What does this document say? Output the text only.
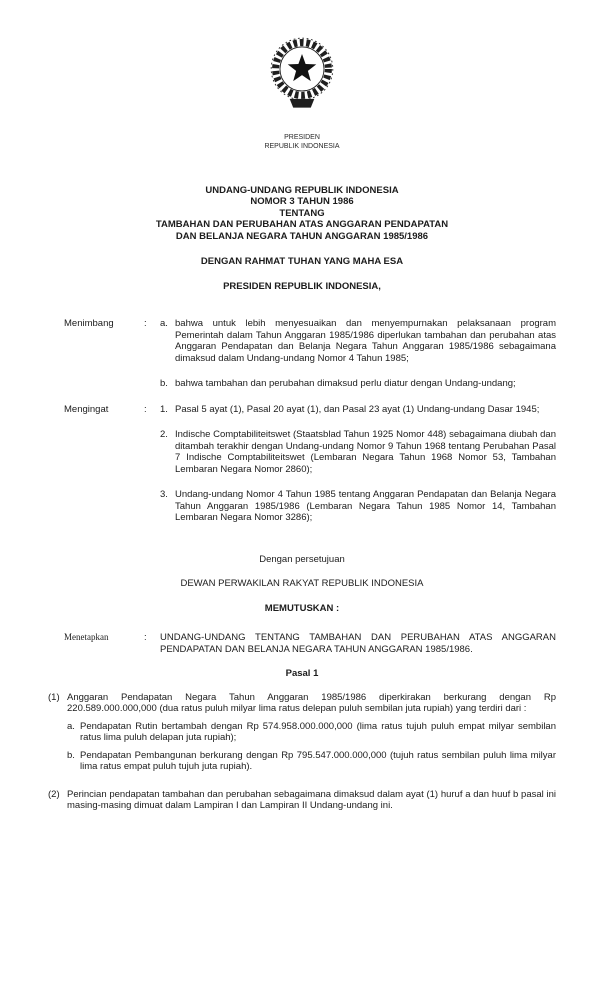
PRESIDEN
REPUBLIK INDONESIA
UNDANG-UNDANG REPUBLIK INDONESIA
NOMOR 3 TAHUN 1986
TENTANG
TAMBAHAN DAN PERUBAHAN ATAS ANGGARAN PENDAPATAN
DAN BELANJA NEGARA TAHUN ANGGARAN 1985/1986
DENGAN RAHMAT TUHAN YANG MAHA ESA
PRESIDEN REPUBLIK INDONESIA,
Menimbang	:	a. bahwa untuk lebih menyesuaikan dan menyempurnakan pelaksanaan program Pemerintah dalam Tahun Anggaran 1985/1986 diperlukan tambahan dan perubahan atas Anggaran Pendapatan dan Belanja Negara Tahun Anggaran 1985/1986 sebagaimana dimaksud dalam Undang-undang Nomor 4 Tahun 1985;
b. bahwa tambahan dan perubahan dimaksud perlu diatur dengan Undang-undang;
Mengingat	:	1. Pasal 5 ayat (1), Pasal 20 ayat (1), dan Pasal 23 ayat (1) Undang-undang Dasar 1945;
2. Indische Comptabiliteitswet (Staatsblad Tahun 1925 Nomor 448) sebagaimana diubah dan ditambah terakhir dengan Undang-undang Nomor 9 Tahun 1968 tentang Perubahan Pasal 7 Indische Comptabiliteitswet (Lembaran Negara Tahun 1968 Nomor 53, Tambahan Lembaran Negara Nomor 2860);
3. Undang-undang Nomor 4 Tahun 1985 tentang Anggaran Pendapatan dan Belanja Negara Tahun Anggaran 1985/1986 (Lembaran Negara Tahun 1985 Nomor 14, Tambahan Lembaran Negara Nomor 3286);
Dengan persetujuan
DEWAN PERWAKILAN RAKYAT REPUBLIK INDONESIA
MEMUTUSKAN :
Menetapkan	:	UNDANG-UNDANG TENTANG TAMBAHAN DAN PERUBAHAN ATAS ANGGARAN PENDAPATAN DAN BELANJA NEGARA TAHUN ANGGARAN 1985/1986.
Pasal 1
(1) Anggaran Pendapatan Negara Tahun Anggaran 1985/1986 diperkirakan berkurang dengan Rp 220.589.000.000,000 (dua ratus puluh milyar lima ratus delepan puluh sembilan juta rupiah) yang terdiri dari :
a. Pendapatan Rutin bertambah dengan Rp 574.958.000.000,000 (lima ratus tujuh puluh empat milyar sembilan ratus lima puluh delapan juta rupiah);
b. Pendapatan Pembangunan berkurang dengan Rp 795.547.000.000,000 (tujuh ratus sembilan puluh lima milyar lima ratus empat puluh tujuh juta rupiah).
(2) Perincian pendapatan tambahan dan perubahan sebagaimana dimaksud dalam ayat (1) huruf a dan huuf b pasal ini masing-masing dimuat dalam Lampiran I dan Lampiran II Undang-undang ini.
